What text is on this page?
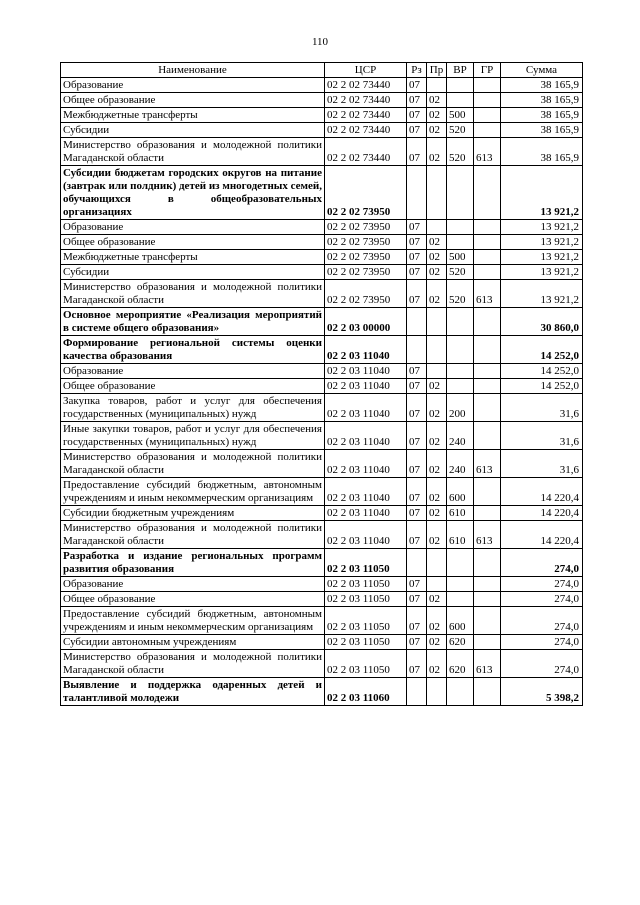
110
Наименование	ЦСР	Рз	Пр	ВР	ГР	Сумма
Образование	02 2 02 73440	07				38 165,9
Общее образование	02 2 02 73440	07	02			38 165,9
Межбюджетные трансферты	02 2 02 73440	07	02	500		38 165,9
Субсидии	02 2 02 73440	07	02	520		38 165,9
Министерство образования и молодежной политики Магаданской области	02 2 02 73440	07	02	520	613	38 165,9
Субсидии бюджетам городских округов на питание (завтрак или полдник) детей из многодетных семей, обучающихся в общеобразовательных организациях	02 2 02 73950					13 921,2
Образование	02 2 02 73950	07				13 921,2
Общее образование	02 2 02 73950	07	02			13 921,2
Межбюджетные трансферты	02 2 02 73950	07	02	500		13 921,2
Субсидии	02 2 02 73950	07	02	520		13 921,2
Министерство образования и молодежной политики Магаданской области	02 2 02 73950	07	02	520	613	13 921,2
Основное мероприятие «Реализация мероприятий в системе общего образования»	02 2 03 00000					30 860,0
Формирование региональной системы оценки качества образования	02 2 03 11040					14 252,0
Образование	02 2 03 11040	07				14 252,0
Общее образование	02 2 03 11040	07	02			14 252,0
Закупка товаров, работ и услуг для обеспечения государственных (муниципальных) нужд	02 2 03 11040	07	02	200		31,6
Иные закупки товаров, работ и услуг для обеспечения государственных (муниципальных) нужд	02 2 03 11040	07	02	240		31,6
Министерство образования и молодежной политики Магаданской области	02 2 03 11040	07	02	240	613	31,6
Предоставление субсидий бюджетным, автономным учреждениям и иным некоммерческим организациям	02 2 03 11040	07	02	600		14 220,4
Субсидии бюджетным учреждениям	02 2 03 11040	07	02	610		14 220,4
Министерство образования и молодежной политики Магаданской области	02 2 03 11040	07	02	610	613	14 220,4
Разработка и издание региональных программ развития образования	02 2 03 11050					274,0
Образование	02 2 03 11050	07				274,0
Общее образование	02 2 03 11050	07	02			274,0
Предоставление субсидий бюджетным, автономным учреждениям и иным некоммерческим организациям	02 2 03 11050	07	02	600		274,0
Субсидии автономным учреждениям	02 2 03 11050	07	02	620		274,0
Министерство образования и молодежной политики Магаданской области	02 2 03 11050	07	02	620	613	274,0
Выявление и поддержка одаренных детей и талантливой молодежи	02 2 03 11060					5 398,2
